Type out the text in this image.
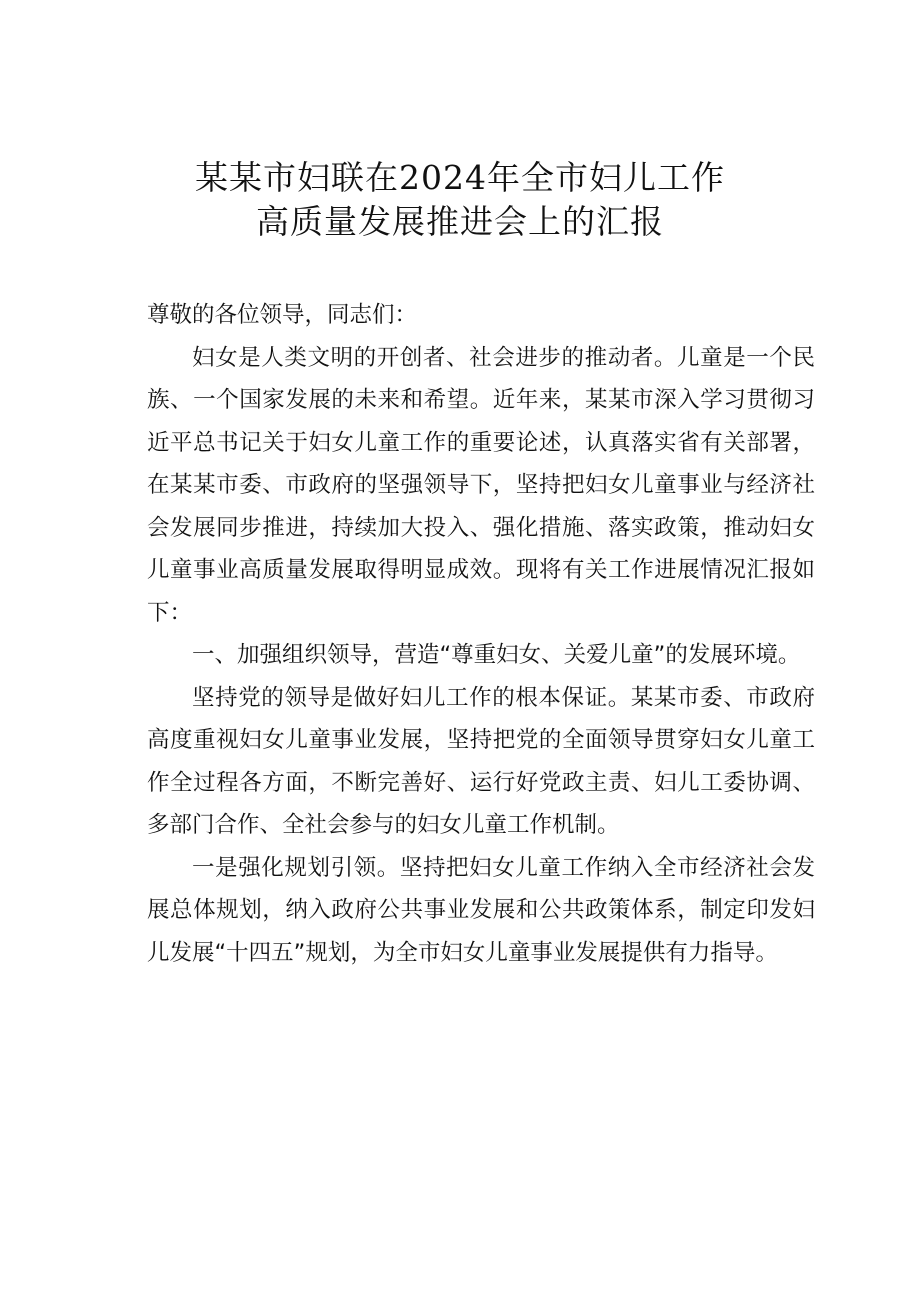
某某市妇联在2024年全市妇儿工作
高质量发展推进会上的汇报

尊敬的各位领导，同志们：

妇女是人类文明的开创者、社会进步的推动者。儿童是一个民族、一个国家发展的未来和希望。近年来，某某市深入学习贯彻习近平总书记关于妇女儿童工作的重要论述，认真落实省有关部署，在某某市委、市政府的坚强领导下，坚持把妇女儿童事业与经济社会发展同步推进，持续加大投入、强化措施、落实政策，推动妇女儿童事业高质量发展取得明显成效。现将有关工作进展情况汇报如下：

一、加强组织领导，营造“尊重妇女、关爱儿童”的发展环境。

坚持党的领导是做好妇儿工作的根本保证。某某市委、市政府高度重视妇女儿童事业发展，坚持把党的全面领导贯穿妇女儿童工作全过程各方面，不断完善好、运行好党政主责、妇儿工委协调、多部门合作、全社会参与的妇女儿童工作机制。

一是强化规划引领。坚持把妇女儿童工作纳入全市经济社会发展总体规划，纳入政府公共事业发展和公共政策体系，制定印发妇儿发展“十四五”规划，为全市妇女儿童事业发展提供有力指导。
